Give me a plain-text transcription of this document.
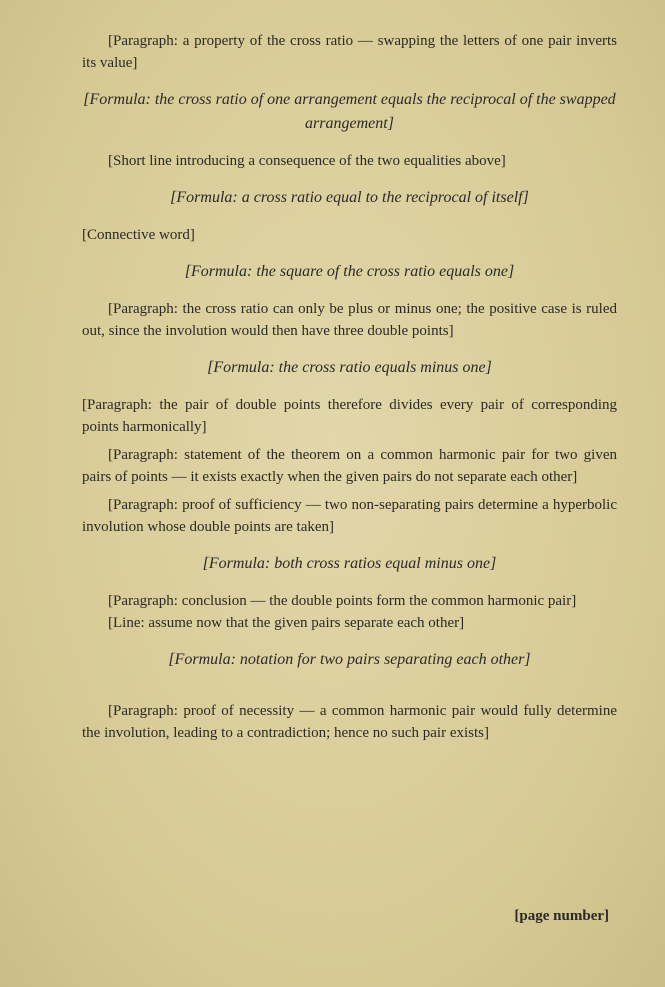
[Paragraph: a property of the cross ratio — swapping the letters of one pair inverts its value]

[Formula: the cross ratio of one arrangement equals the reciprocal of the swapped arrangement]

[Short line introducing a consequence of the two equalities above]

[Formula: a cross ratio equal to the reciprocal of itself]

[Connective word]

[Formula: the square of the cross ratio equals one]

[Paragraph: the cross ratio can only be plus or minus one; the positive case is ruled out, since the involution would then have three double points]

[Formula: the cross ratio equals minus one]

[Paragraph: the pair of double points therefore divides every pair of corresponding points harmonically]

[Paragraph: statement of the theorem on a common harmonic pair for two given pairs of points — it exists exactly when the given pairs do not separate each other]

[Paragraph: proof of sufficiency — two non-separating pairs determine a hyperbolic involution whose double points are taken]

[Formula: both cross ratios equal minus one]

[Paragraph: conclusion — the double points form the common harmonic pair]

[Line: assume now that the given pairs separate each other]

[Formula: notation for two pairs separating each other]

[Paragraph: proof of necessity — a common harmonic pair would fully determine the involution, leading to a contradiction; hence no such pair exists]

[page number]
